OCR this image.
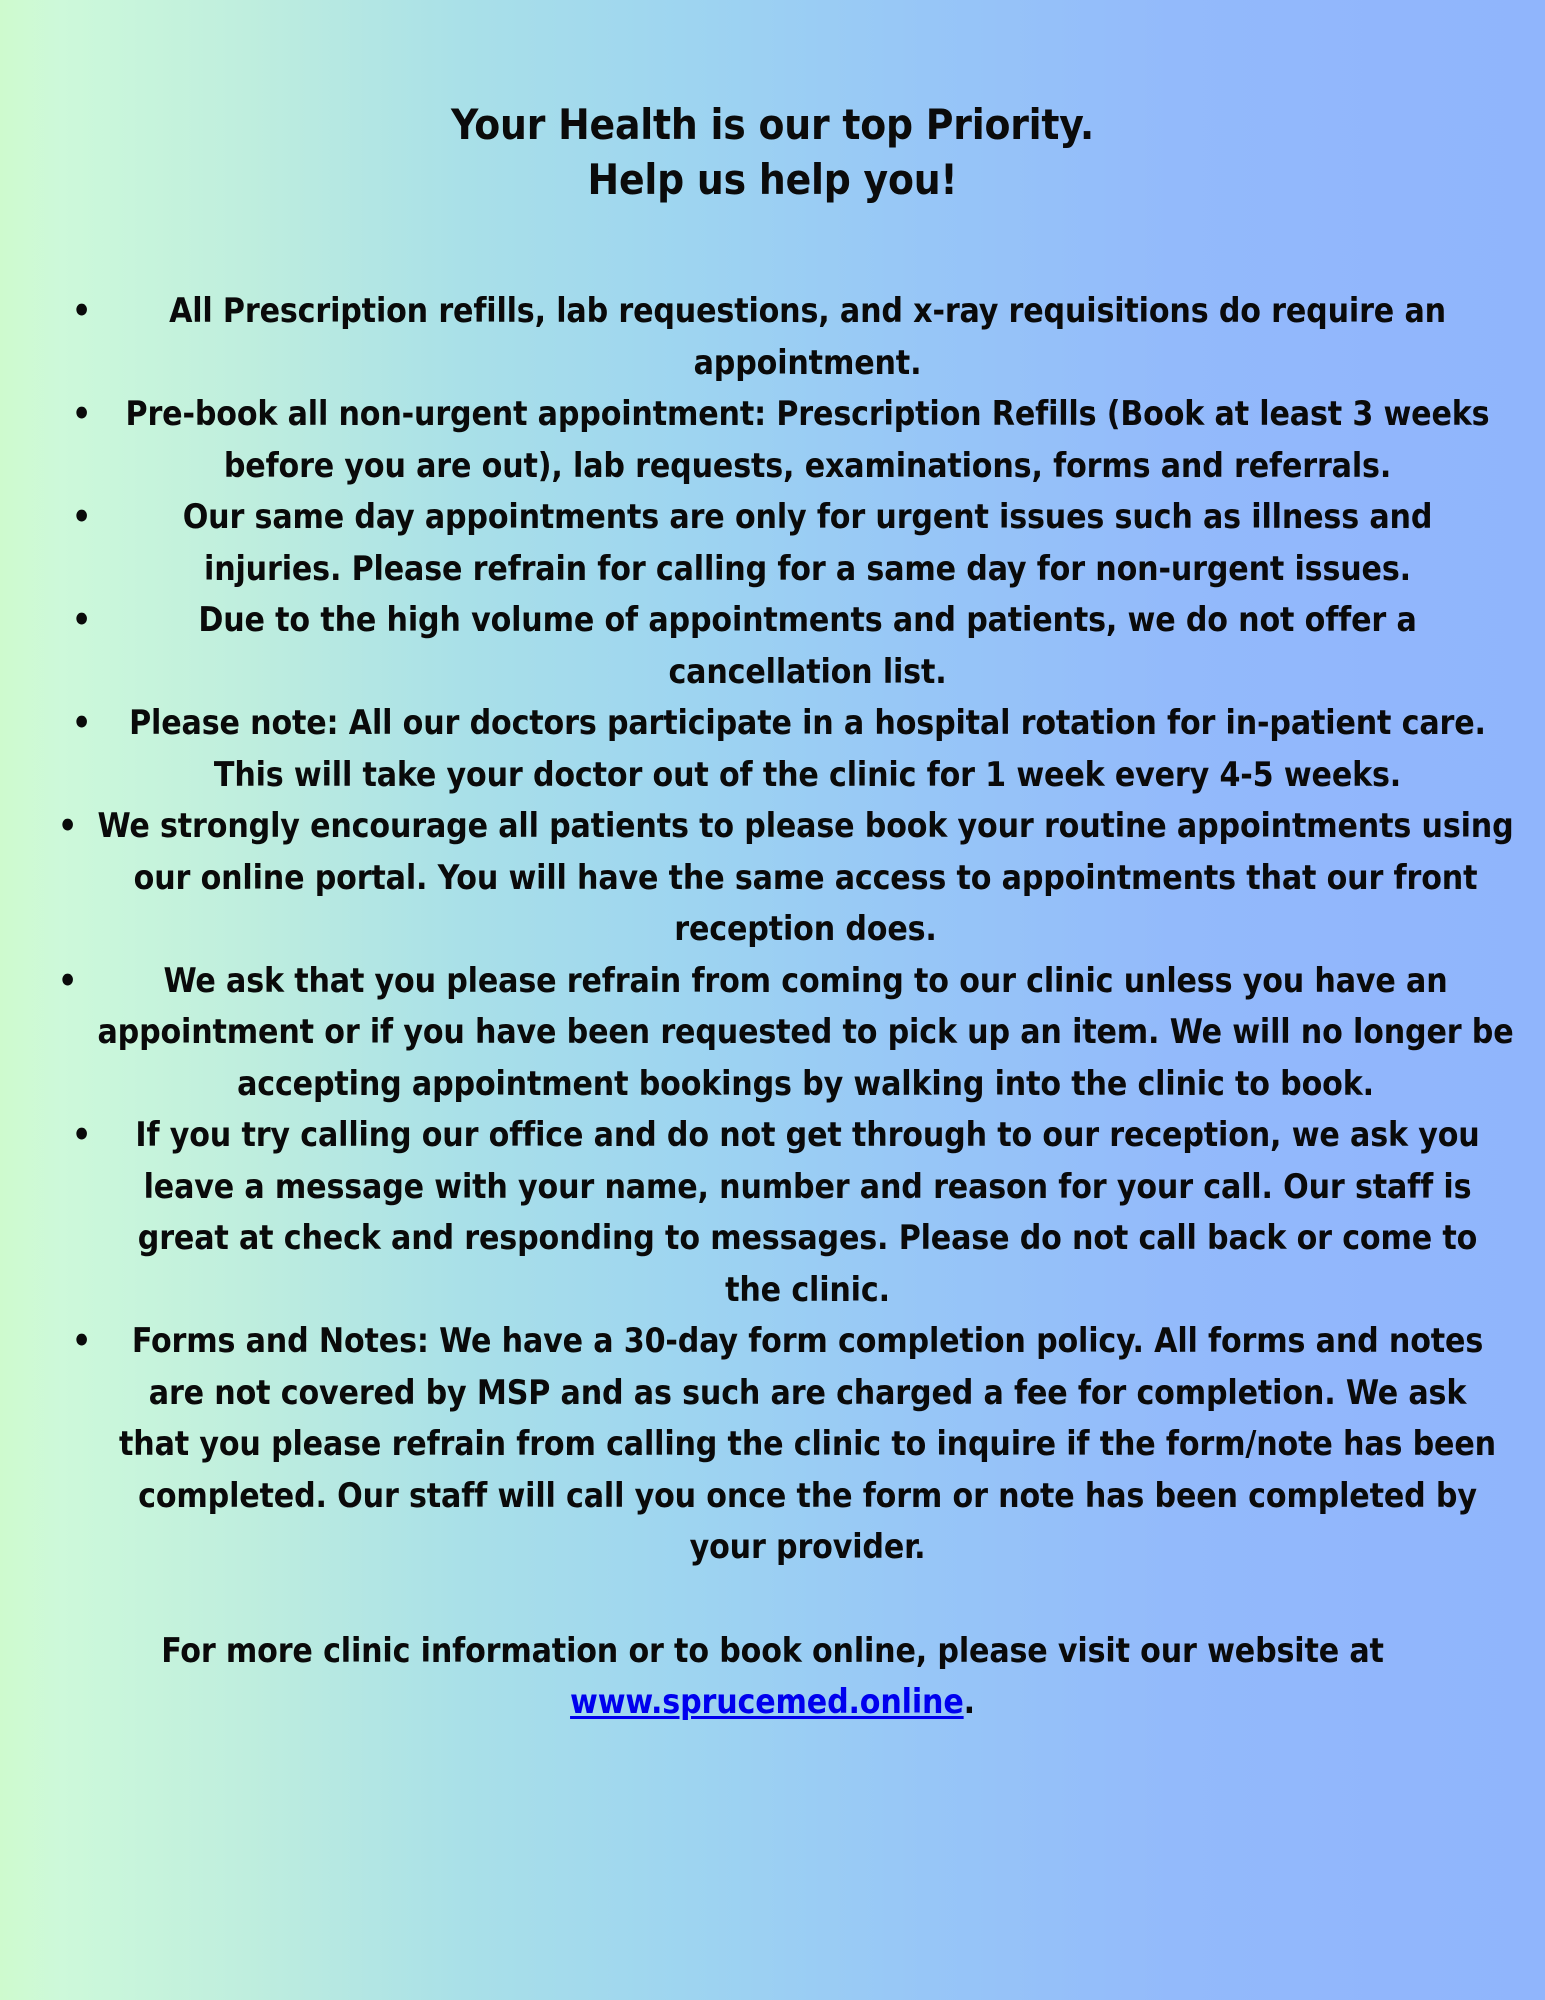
Your Health is our top Priority.
Help us help you!
•	All Prescription refills, lab requestions, and x-ray requisitions do require an appointment.
• Pre-book all non-urgent appointment: Prescription Refills (Book at least 3 weeks before you are out), lab requests, examinations, forms and referrals.
•	Our same day appointments are only for urgent issues such as illness and injuries. Please refrain for calling for a same day for non-urgent issues.
•	Due to the high volume of appointments and patients, we do not offer a cancellation list.
•	Please note: All our doctors participate in a hospital rotation for in-patient care. This will take your doctor out of the clinic for 1 week every 4-5 weeks.
• We strongly encourage all patients to please book your routine appointments using our online portal. You will have the same access to appointments that our front reception does.
•	We ask that you please refrain from coming to our clinic unless you have an appointment or if you have been requested to pick up an item. We will no longer be accepting appointment bookings by walking into the clinic to book.
•	If you try calling our office and do not get through to our reception, we ask you leave a message with your name, number and reason for your call. Our staff is great at check and responding to messages. Please do not call back or come to the clinic.
•	Forms and Notes: We have a 30-day form completion policy. All forms and notes are not covered by MSP and as such are charged a fee for completion. We ask that you please refrain from calling the clinic to inquire if the form/note has been completed. Our staff will call you once the form or note has been completed by your provider.
For more clinic information or to book online, please visit our website at
www.sprucemed.online.
